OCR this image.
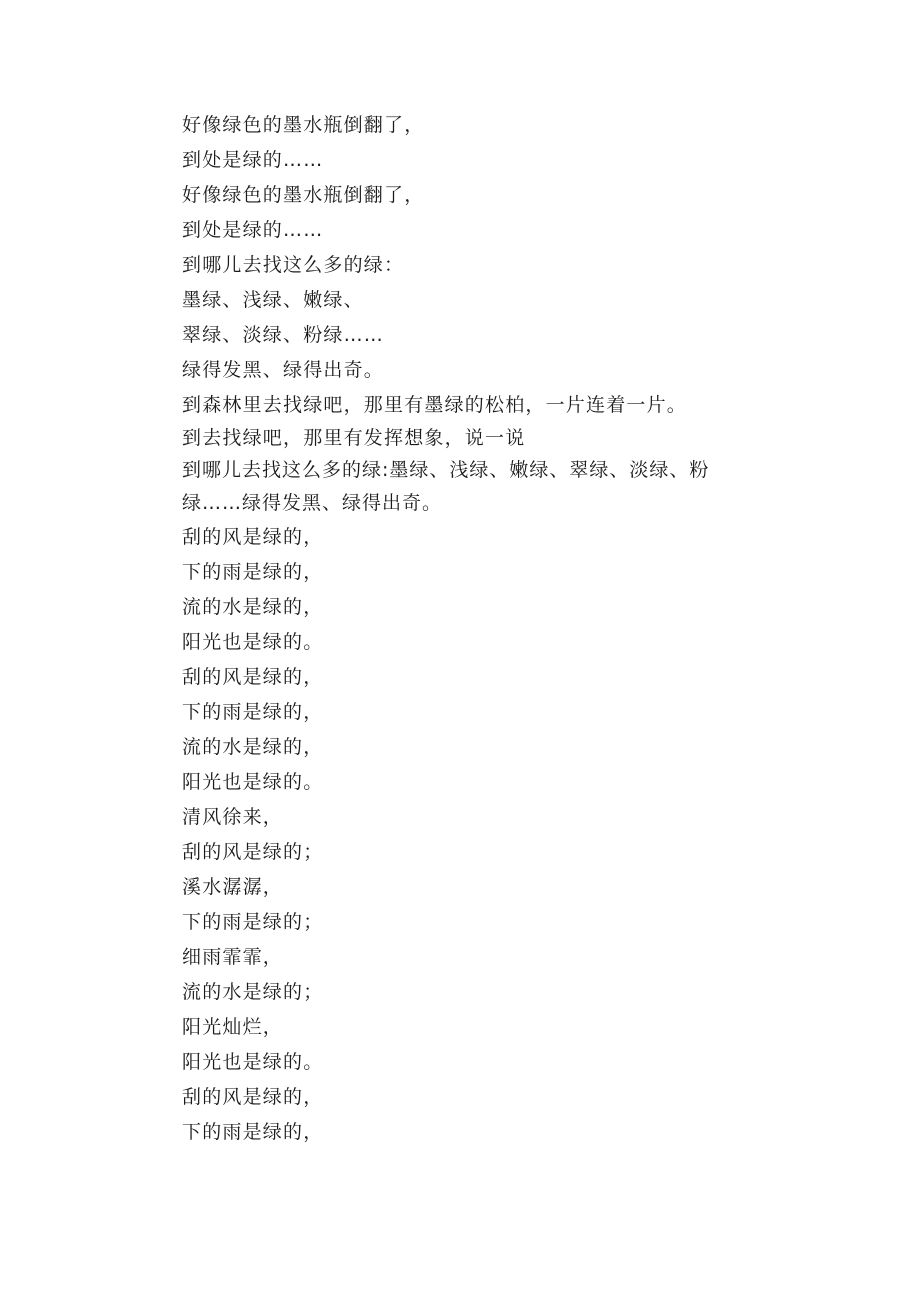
好像绿色的墨水瓶倒翻了，
到处是绿的……
好像绿色的墨水瓶倒翻了，
到处是绿的……
到哪儿去找这么多的绿：
墨绿、浅绿、嫩绿、
翠绿、淡绿、粉绿……
绿得发黑、绿得出奇。
到森林里去找绿吧，那里有墨绿的松柏，一片连着一片。
到去找绿吧，那里有发挥想象，说一说
到哪儿去找这么多的绿:墨绿、浅绿、嫩绿、翠绿、淡绿、粉绿……绿得发黑、绿得出奇。
刮的风是绿的，
下的雨是绿的，
流的水是绿的，
阳光也是绿的。
刮的风是绿的，
下的雨是绿的，
流的水是绿的，
阳光也是绿的。
清风徐来，
刮的风是绿的；
溪水潺潺，
下的雨是绿的；
细雨霏霏，
流的水是绿的；
阳光灿烂，
阳光也是绿的。
刮的风是绿的，
下的雨是绿的，
